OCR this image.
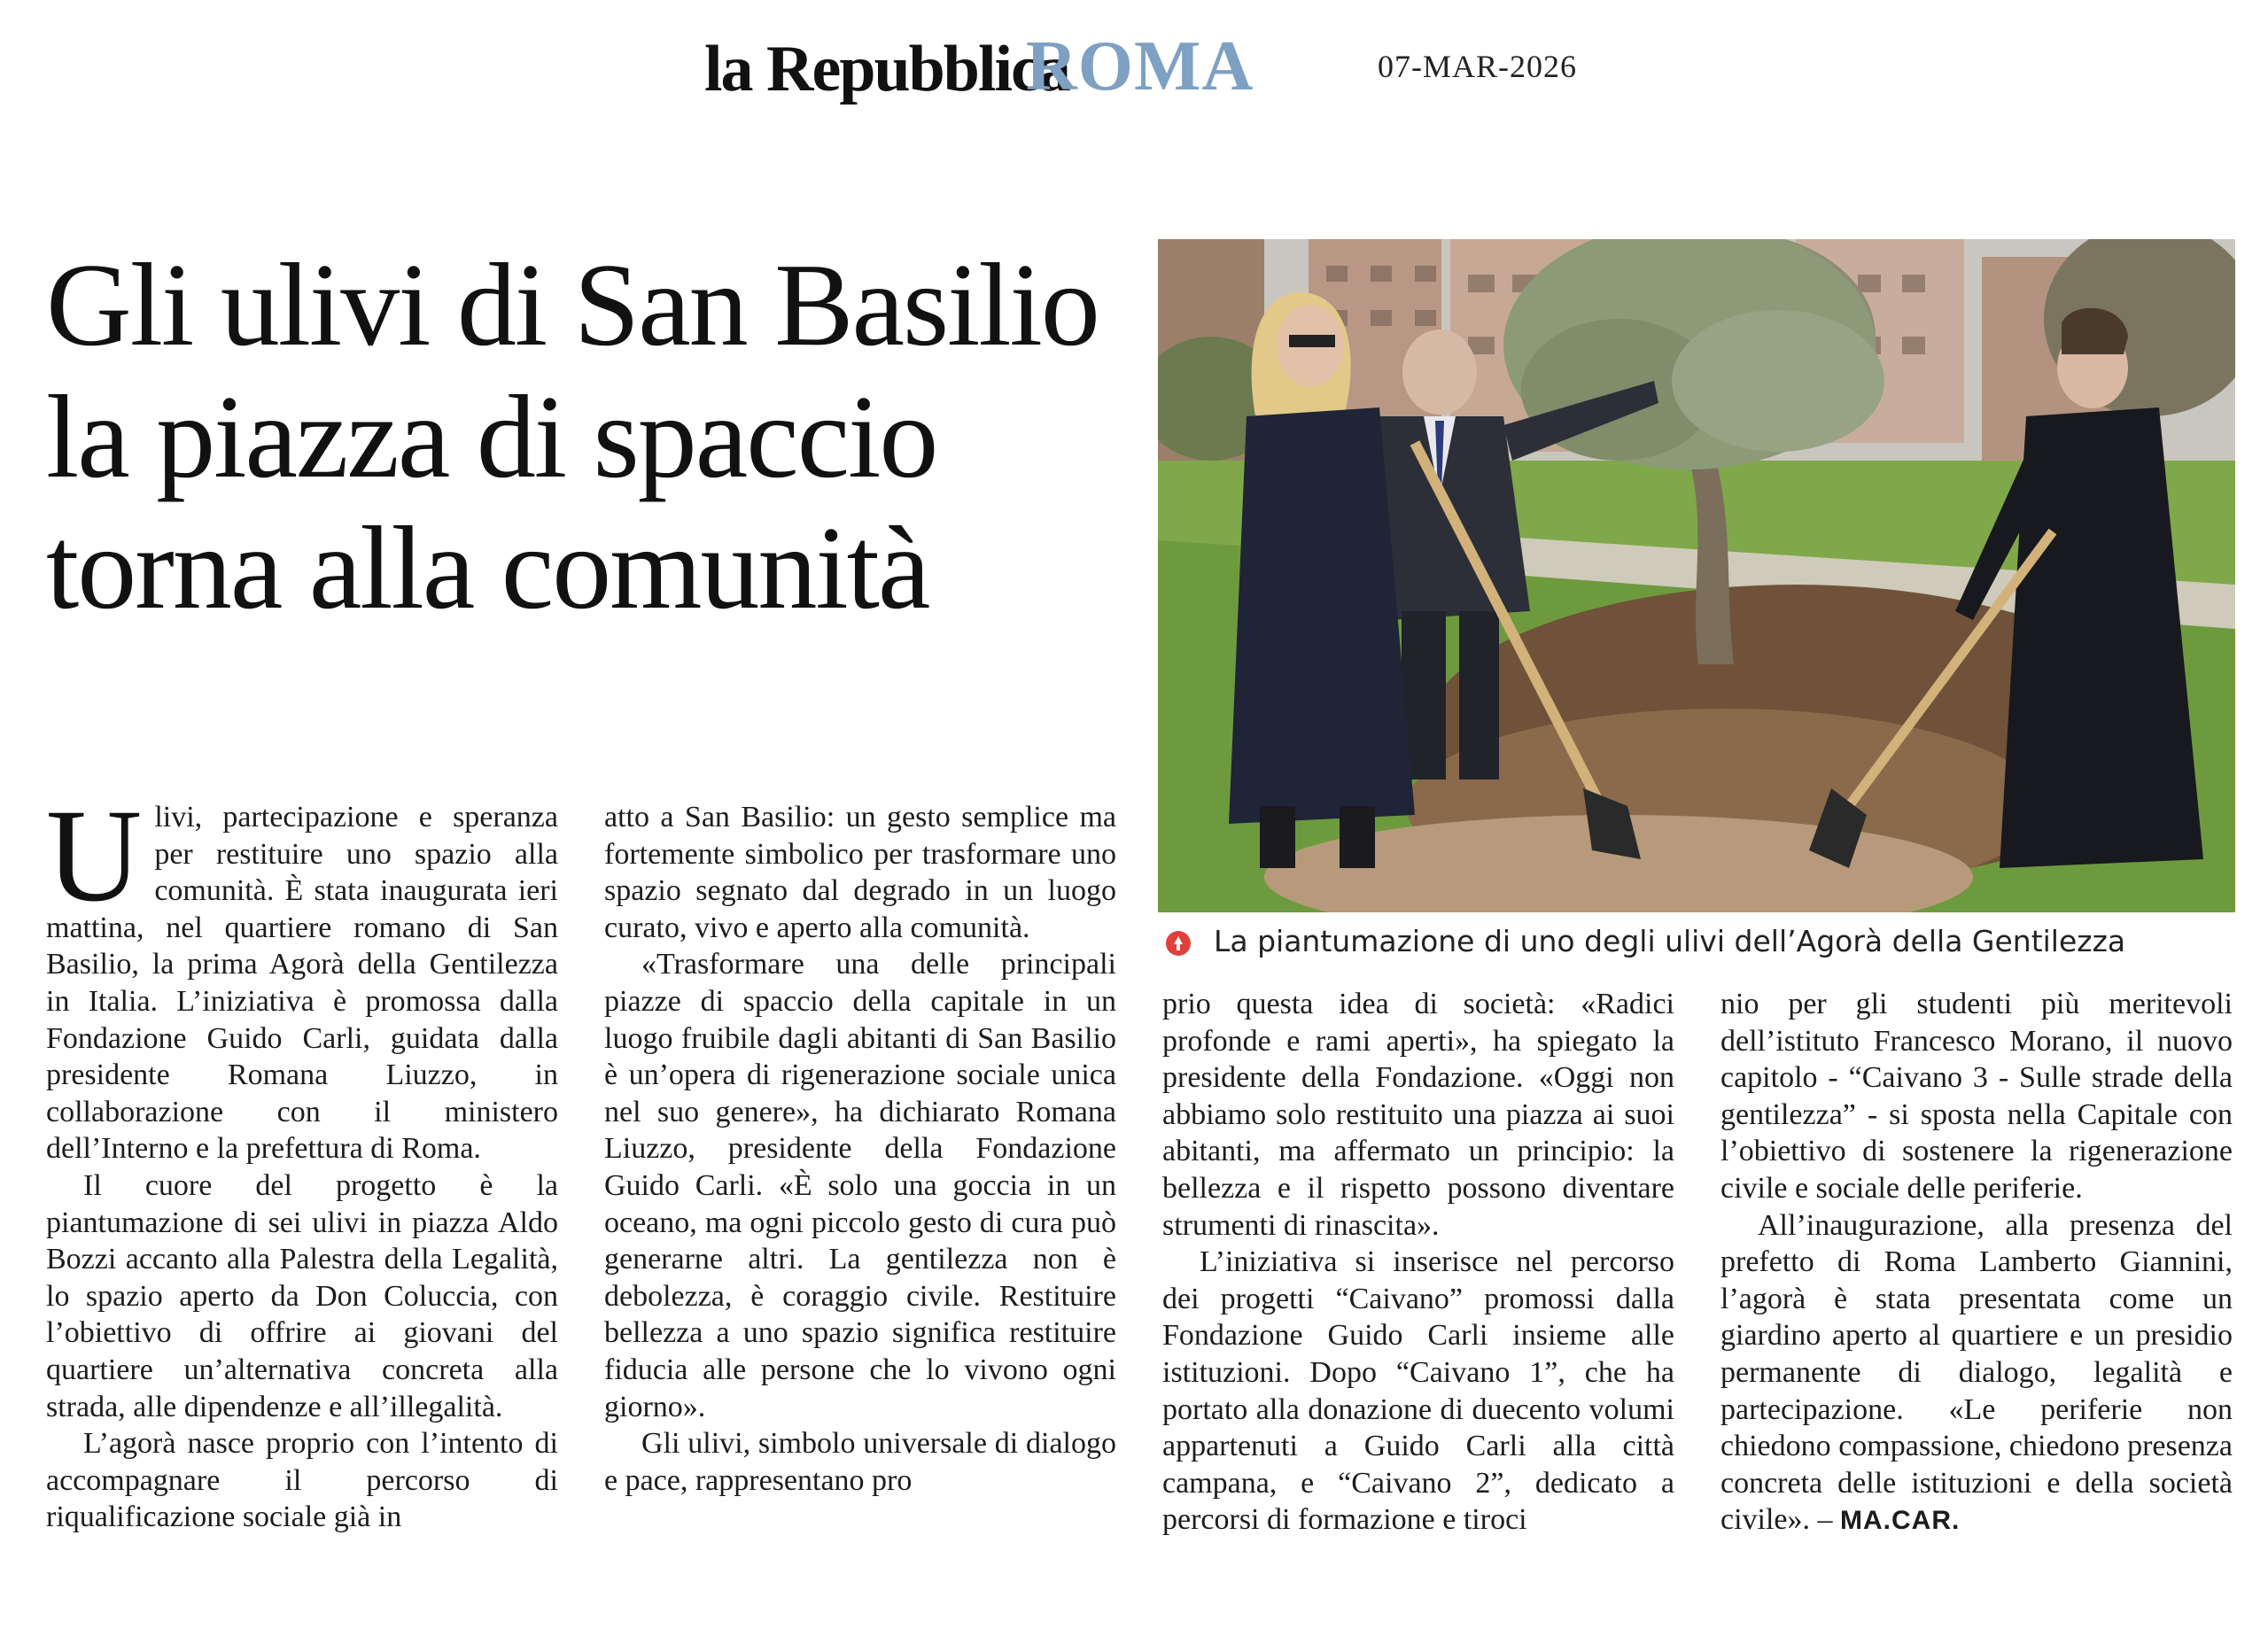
la Repubblica
ROMA	07-MAR-2026
Gli ulivi di San Basilio
la piazza di spaccio
torna alla comunità
La piantumazione di uno degli ulivi dell’Agorà della Gentilezza

Ulivi, partecipazione e speranza per restituire uno spazio alla comunità. È stata inaugurata ieri mattina, nel quartiere romano di San Basilio, la prima Agorà della Gentilezza in Italia. L’iniziativa è promossa dalla Fondazione Guido Carli, guidata dalla presidente Romana Liuzzo, in collaborazione con il ministero dell’Interno e la prefettura di Roma.

Il cuore del progetto è la piantumazione di sei ulivi in piazza Aldo Bozzi accanto alla Palestra della Legalità, lo spazio aperto da Don Coluccia, con l’obiettivo di offrire ai giovani del quartiere un’alternativa concreta alla strada, alle dipendenze e all’illegalità.

L’agorà nasce proprio con l’intento di accompagnare il percorso di riqualificazione sociale già in

atto a San Basilio: un gesto semplice ma fortemente simbolico per trasformare uno spazio segnato dal degrado in un luogo curato, vivo e aperto alla comunità.

«Trasformare una delle principali piazze di spaccio della capitale in un luogo fruibile dagli abitanti di San Basilio è un’opera di rigenerazione sociale unica nel suo genere», ha dichiarato Romana Liuzzo, presidente della Fondazione Guido Carli. «È solo una goccia in un oceano, ma ogni piccolo gesto di cura può generarne altri. La gentilezza non è debolezza, è coraggio civile. Restituire bellezza a uno spazio significa restituire fiducia alle persone che lo vivono ogni giorno».

Gli ulivi, simbolo universale di dialogo e pace, rappresentano pro

prio questa idea di società: «Radici profonde e rami aperti», ha spiegato la presidente della Fondazione. «Oggi non abbiamo solo restituito una piazza ai suoi abitanti, ma affermato un principio: la bellezza e il rispetto possono diventare strumenti di rinascita».

L’iniziativa si inserisce nel percorso dei progetti “Caivano” promossi dalla Fondazione Guido Carli insieme alle istituzioni. Dopo “Caivano 1”, che ha portato alla donazione di duecento volumi appartenuti a Guido Carli alla città campana, e “Caivano 2”, dedicato a percorsi di formazione e tiroci

nio per gli studenti più meritevoli dell’istituto Francesco Morano, il nuovo capitolo - “Caivano 3 - Sulle strade della gentilezza” - si sposta nella Capitale con l’obiettivo di sostenere la rigenerazione civile e sociale delle periferie.

All’inaugurazione, alla presenza del prefetto di Roma Lamberto Giannini, l’agorà è stata presentata come un giardino aperto al quartiere e un presidio permanente di dialogo, legalità e partecipazione. «Le periferie non chiedono compassione, chiedono presenza concreta delle istituzioni e della società civile». – MA.CAR.
